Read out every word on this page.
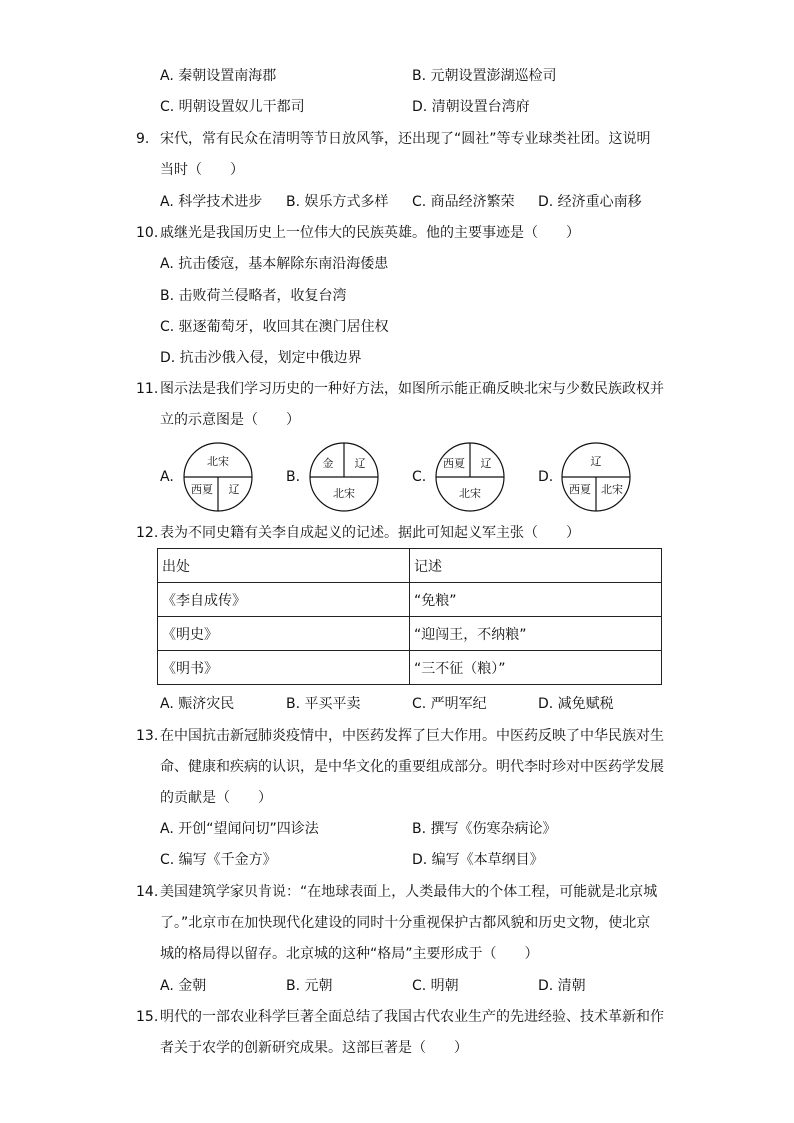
A. 秦朝设置南海郡	B. 元朝设置澎湖巡检司
C. 明朝设置奴儿干都司	D. 清朝设置台湾府
9. 宋代，常有民众在清明等节日放风筝，还出现了“圆社”等专业球类社团。这说明
当时（　　）
A. 科学技术进步 B. 娱乐方式多样 C. 商品经济繁荣 D. 经济重心南移
10. 戚继光是我国历史上一位伟大的民族英雄。他的主要事迹是（　　）
A. 抗击倭寇，基本解除东南沿海倭患
B. 击败荷兰侵略者，收复台湾
C. 驱逐葡萄牙，收回其在澳门居住权
D. 抗击沙俄入侵，划定中俄边界
11. 图示法是我们学习历史的一种好方法，如图所示能正确反映北宋与少数民族政权并
立的示意图是（　　）
A.
北宋
西夏 辽
B.
金 辽
北宋
C.
西夏 辽
北宋
D.
辽
西夏 北宋
12. 表为不同史籍有关李自成起义的记述。据此可知起义军主张（　　）
出处	记述
《李自成传》	“免粮”
《明史》	“迎闯王，不纳粮”
《明书》	“三不征（粮）”
A. 赈济灾民	B. 平买平卖	C. 严明军纪	D. 减免赋税
13. 在中国抗击新冠肺炎疫情中，中医药发挥了巨大作用。中医药反映了中华民族对生
命、健康和疾病的认识，是中华文化的重要组成部分。明代李时珍对中医药学发展
的贡献是（　　）
A. 开创“望闻问切”四诊法	B. 撰写《伤寒杂病论》
C. 编写《千金方》	D. 编写《本草纲目》
14. 美国建筑学家贝肯说：“在地球表面上，人类最伟大的个体工程，可能就是北京城
了。”北京市在加快现代化建设的同时十分重视保护古都风貌和历史文物，使北京
城的格局得以留存。北京城的这种“格局”主要形成于（　　）
A. 金朝	B. 元朝	C. 明朝	D. 清朝
15. 明代的一部农业科学巨著全面总结了我国古代农业生产的先进经验、技术革新和作
者关于农学的创新研究成果。这部巨著是（　　）
